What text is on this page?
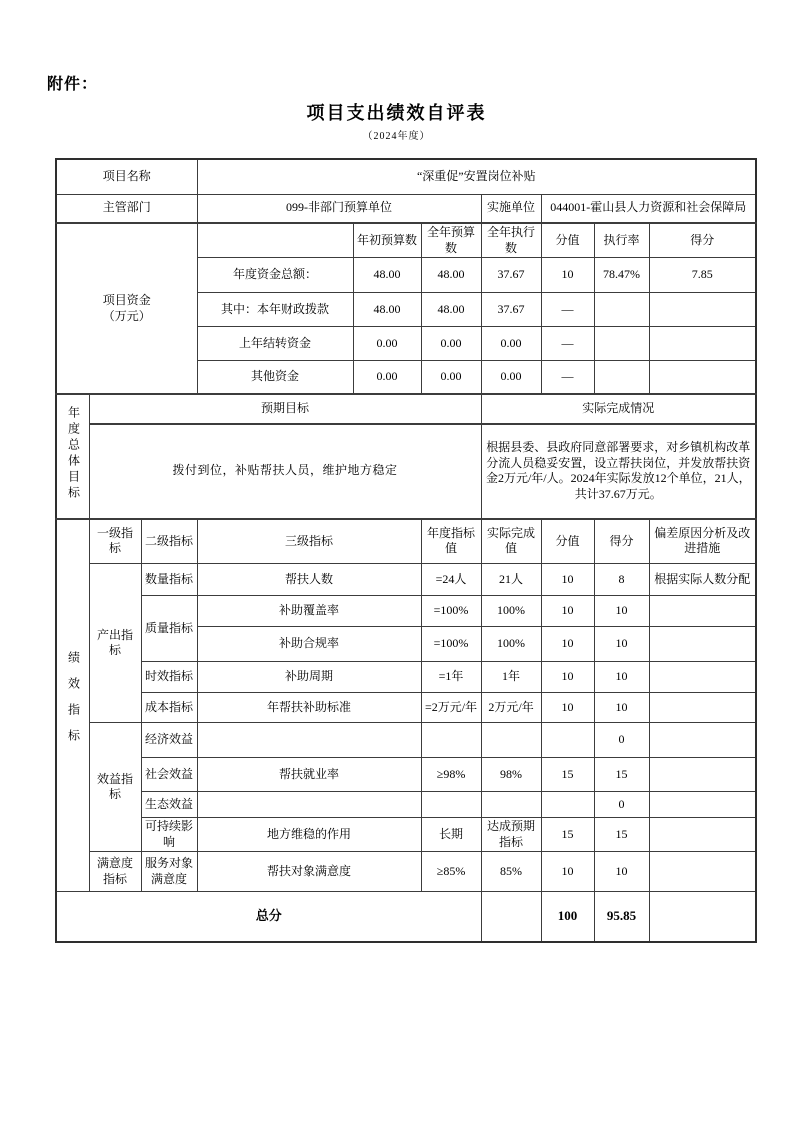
附件：
项目支出绩效自评表
（2024年度）
项目名称			“深重促”安置岗位补贴						
主管部门			099-非部门预算单位			实施单位	044001-霍山县人力资源和社会保障局		

项目资金
（万元）				年初预算数	全年预算数	全年执行数	分值	执行率	得分
			年度资金总额：	48.00	48.00	37.67	10	78.47%	7.85
			其中：本年财政拨款	48.00	48.00	37.67	—		
			上年结转资金	0.00	0.00	0.00	—		
			其他资金	0.00	0.00	0.00	—		
年度总体目标	预期目标					实际完成情况			
	拨付到位，补贴帮扶人员，维护地方稳定					根据县委、县政府同意部署要求，对乡镇机构改革分流人员稳妥安置，设立帮扶岗位，并发放帮扶资金2万元/年/人。2024年实际发放12个单位，21人，共计37.67万元。			
绩效指标	一级指标	二级指标	三级指标		年度指标值	实际完成值	分值	得分	偏差原因分析及改进措施
	产出指标	数量指标	帮扶人数		=24人	21人	10	8	根据实际人数分配
		质量指标	补助覆盖率		=100%	100%	10	10	
			补助合规率		=100%	100%	10	10	
		时效指标	补助周期		=1年	1年	10	10	
		成本指标	年帮扶补助标准		=2万元/年	2万元/年	10	10	
	效益指标	经济效益						0	
		社会效益	帮扶就业率		≥98%	98%	15	15	
		生态效益						0	
		可持续影响	地方维稳的作用		长期	达成预期指标	15	15	
	满意度指标	服务对象满意度	帮扶对象满意度		≥85%	85%	10	10	
总分							100	95.85	
